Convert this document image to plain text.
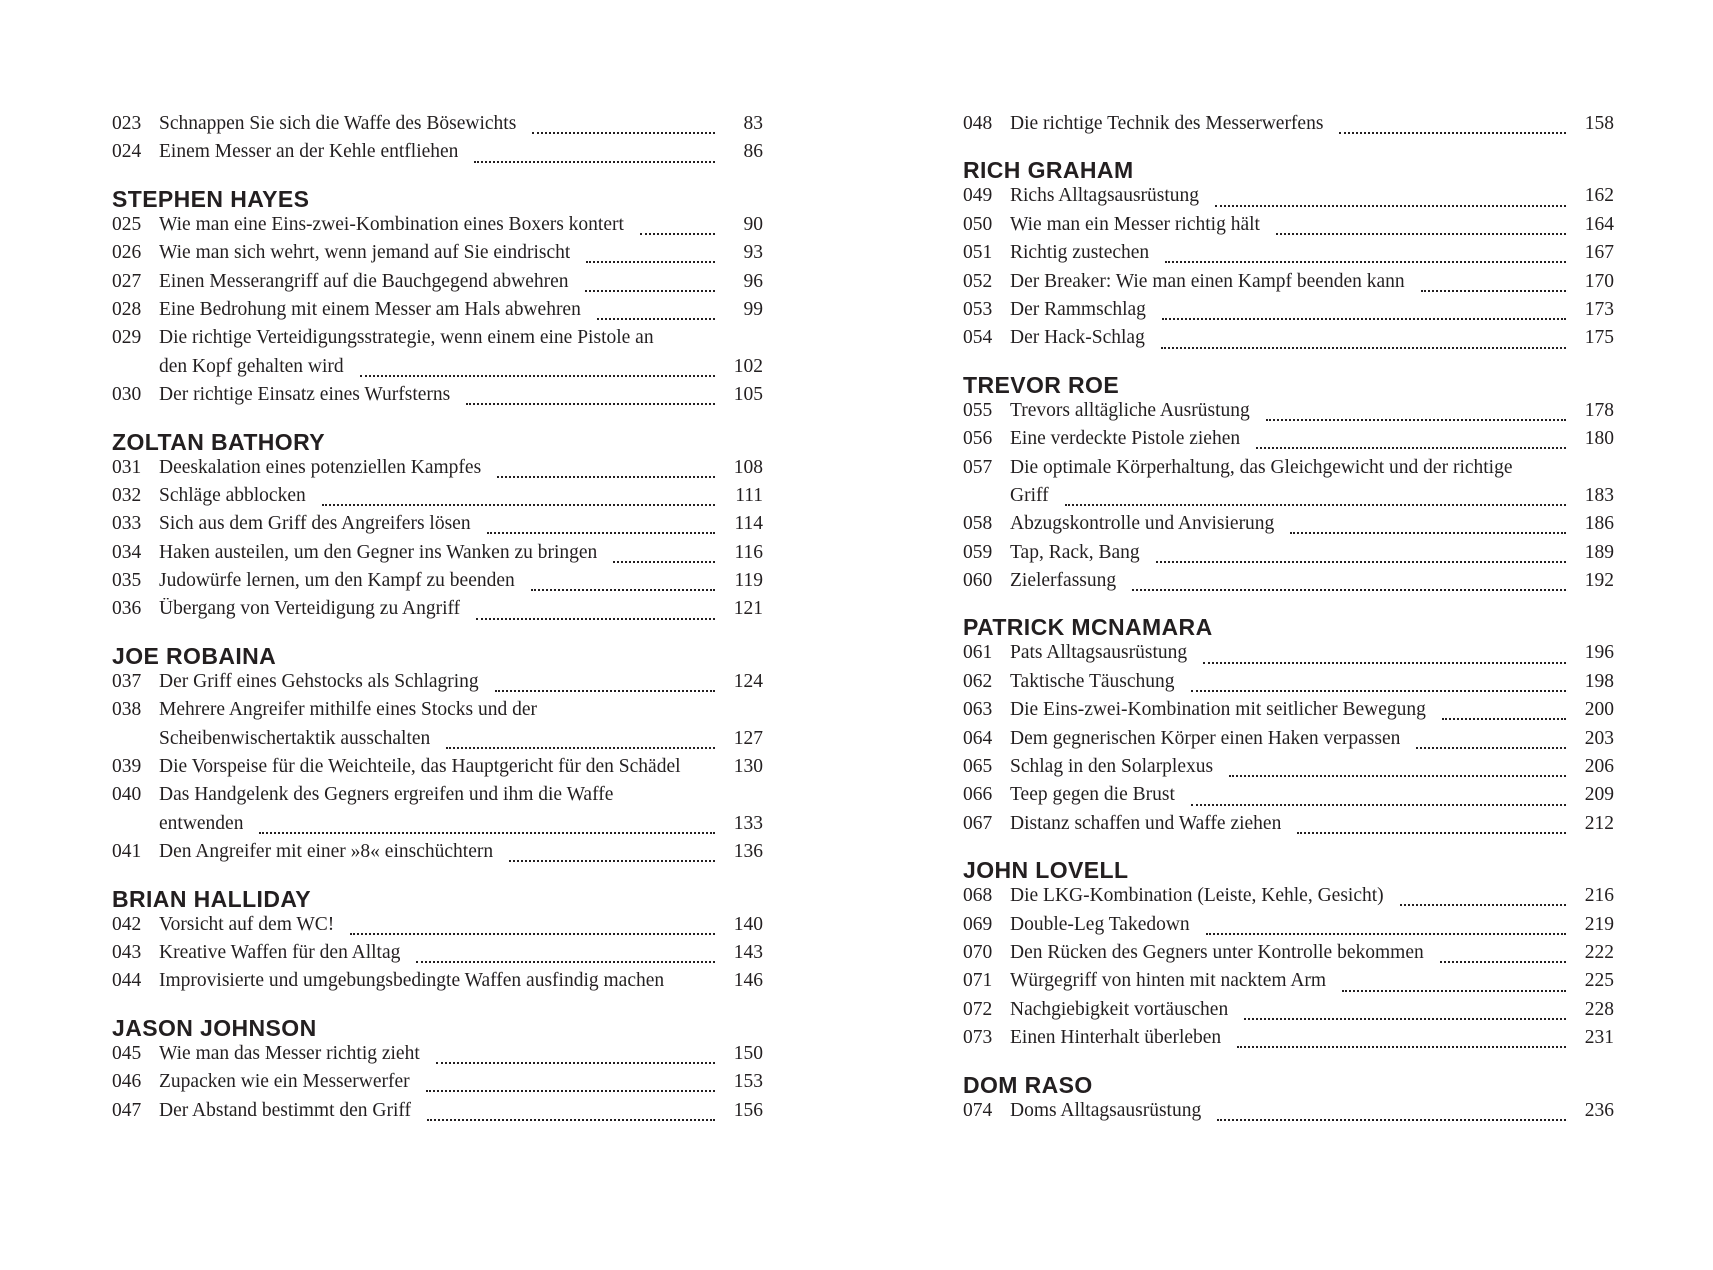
023 Schnappen Sie sich die Waffe des Bösewichts	83
024 Einem Messer an der Kehle entfliehen	86
STEPHEN HAYES
025 Wie man eine Eins-zwei-Kombination eines Boxers kontert	90
026 Wie man sich wehrt, wenn jemand auf Sie eindrischt	93
027 Einen Messerangriff auf die Bauchgegend abwehren	96
028 Eine Bedrohung mit einem Messer am Hals abwehren	99
029 Die richtige Verteidigungsstrategie, wenn einem eine Pistole an
den Kopf gehalten wird	102
030 Der richtige Einsatz eines Wurfsterns	105
ZOLTAN BATHORY
031 Deeskalation eines potenziellen Kampfes	108
032 Schläge abblocken	111
033 Sich aus dem Griff des Angreifers lösen	114
034 Haken austeilen, um den Gegner ins Wanken zu bringen	116
035 Judowürfe lernen, um den Kampf zu beenden	119
036 Übergang von Verteidigung zu Angriff	121
JOE ROBAINA
037 Der Griff eines Gehstocks als Schlagring	124
038 Mehrere Angreifer mithilfe eines Stocks und der
Scheibenwischertaktik ausschalten	127
039 Die Vorspeise für die Weichteile, das Hauptgericht für den Schädel	130
040 Das Handgelenk des Gegners ergreifen und ihm die Waffe
entwenden	133
041 Den Angreifer mit einer »8« einschüchtern	136
BRIAN HALLIDAY
042 Vorsicht auf dem WC!	140
043 Kreative Waffen für den Alltag	143
044 Improvisierte und umgebungsbedingte Waffen ausfindig machen	146
JASON JOHNSON
045 Wie man das Messer richtig zieht	150
046 Zupacken wie ein Messerwerfer	153
047 Der Abstand bestimmt den Griff	156
048 Die richtige Technik des Messerwerfens	158
RICH GRAHAM
049 Richs Alltagsausrüstung	162
050 Wie man ein Messer richtig hält	164
051 Richtig zustechen	167
052 Der Breaker: Wie man einen Kampf beenden kann	170
053 Der Rammschlag	173
054 Der Hack-Schlag	175
TREVOR ROE
055 Trevors alltägliche Ausrüstung	178
056 Eine verdeckte Pistole ziehen	180
057 Die optimale Körperhaltung, das Gleichgewicht und der richtige
Griff	183
058 Abzugskontrolle und Anvisierung	186
059 Tap, Rack, Bang	189
060 Zielerfassung	192
PATRICK MCNAMARA
061 Pats Alltagsausrüstung	196
062 Taktische Täuschung	198
063 Die Eins-zwei-Kombination mit seitlicher Bewegung	200
064 Dem gegnerischen Körper einen Haken verpassen	203
065 Schlag in den Solarplexus	206
066 Teep gegen die Brust	209
067 Distanz schaffen und Waffe ziehen	212
JOHN LOVELL
068 Die LKG-Kombination (Leiste, Kehle, Gesicht)	216
069 Double-Leg Takedown	219
070 Den Rücken des Gegners unter Kontrolle bekommen	222
071 Würgegriff von hinten mit nacktem Arm	225
072 Nachgiebigkeit vortäuschen	228
073 Einen Hinterhalt überleben	231
DOM RASO
074 Doms Alltagsausrüstung	236
